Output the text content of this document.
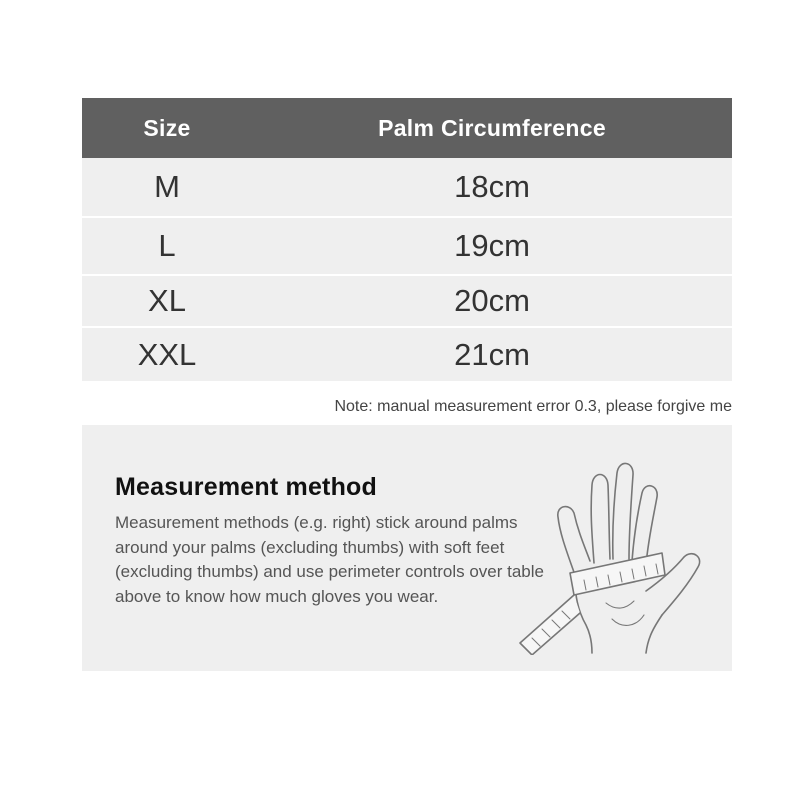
Size	Palm Circumference
M	18cm
L	19cm
XL	20cm
XXL	21cm
Note: manual measurement error 0.3, please forgive me
Measurement method

Measurement methods (e.g. right) stick around palms around your palms (excluding thumbs) with soft feet (excluding thumbs) and use perimeter controls over table above to know how much gloves you wear.
